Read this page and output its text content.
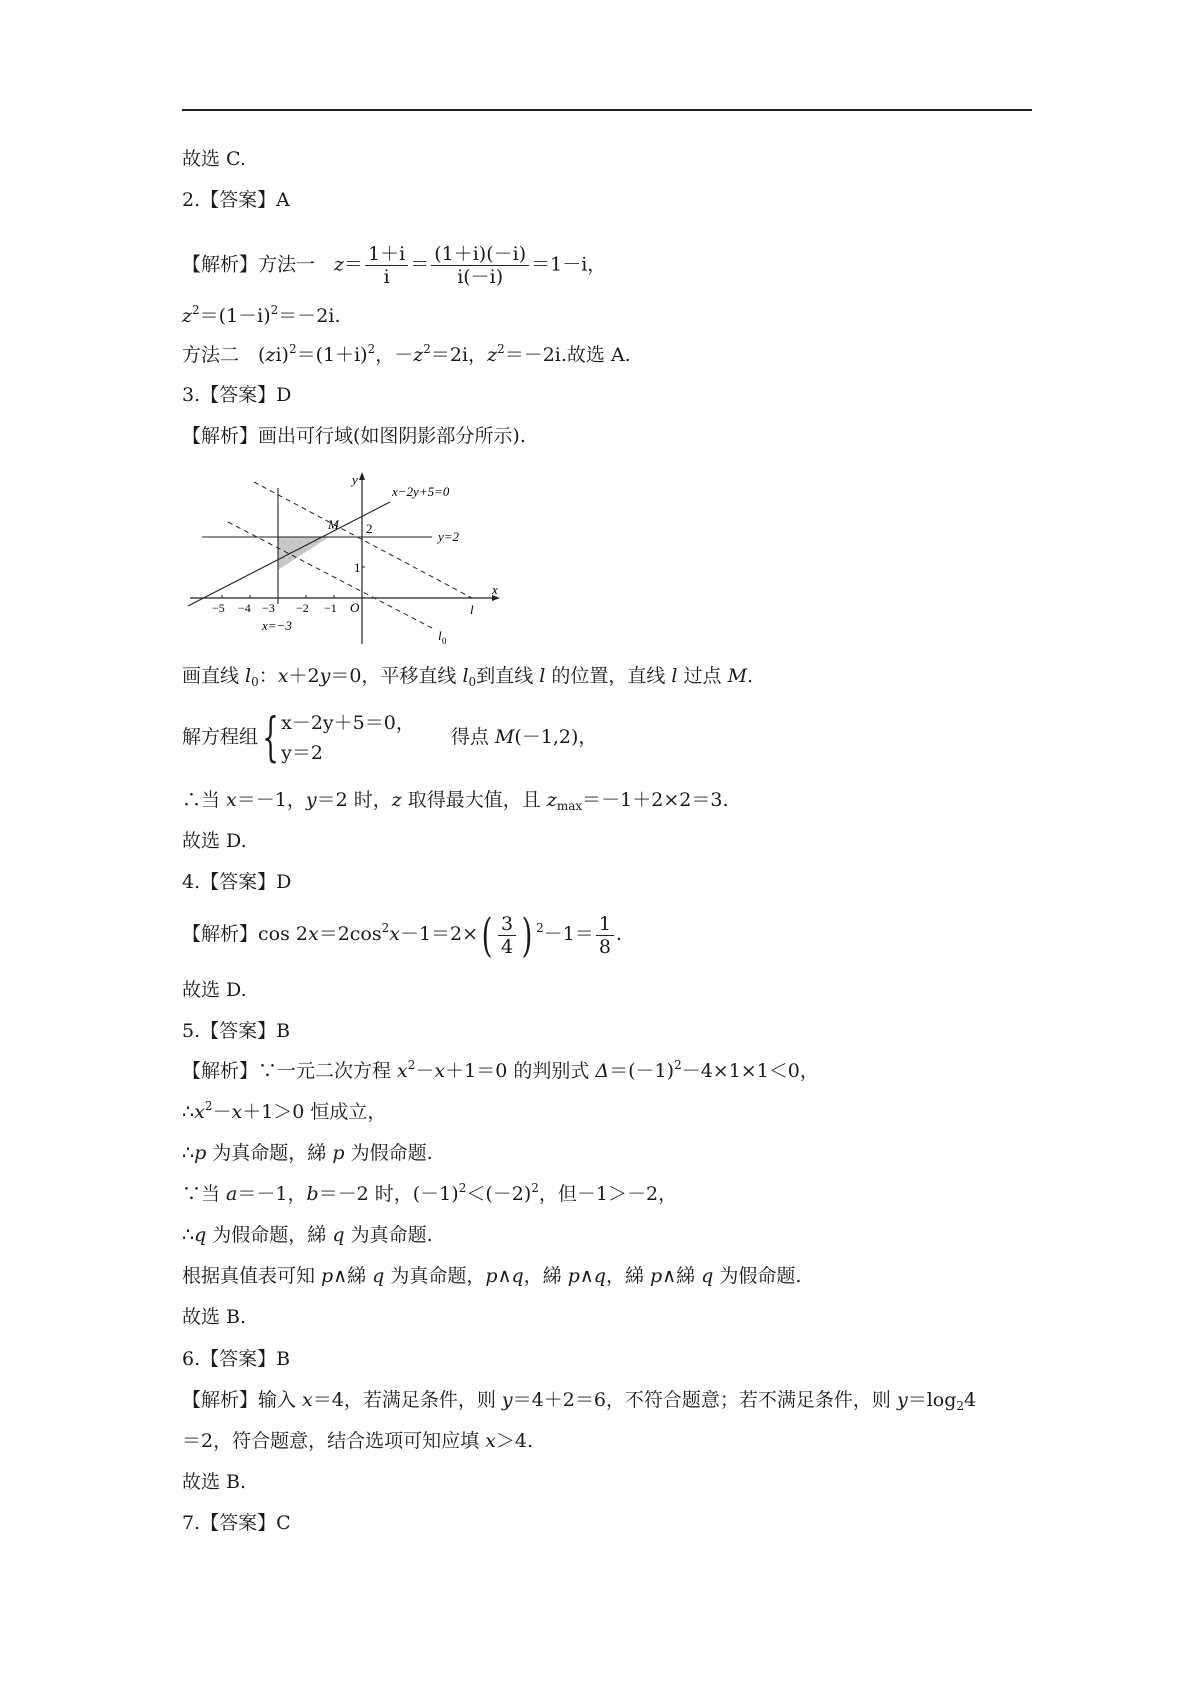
故选 C.
2.【答案】A
【解析】方法一　$z= \frac{1+i}{i} = \frac{(1+i)(-i)}{i(-i)} =1-i$，
$z^2=(1-i)^2=-2i$.
方法二　$(zi)^2=(1+i)^2$，$-z^2=2i$，$z^2=-2i$.故选 A.
3.【答案】D
【解析】画出可行域(如图阴影部分所示).
y
x
x−2y+5=0
y=2
M 2
1
O
−5 −4 −3 −2 −1
x=−3
l
l 0
画直线 $l_0$：x＋2y＝0，平移直线 $l_0$到直线 l 的位置，直线 l 过点 M.
解方程组{ x－2y＋5＝0，
y＝2
得点 M(－1,2)，
∴当 x＝－1，y＝2 时，z 取得最大值，且 $z_{max}=-1+2\times 2=3$.
故选 D.
4.【答案】D
【解析】$\cos 2x=2\cos^2x-1=2\times( \frac{3}{4}$ ) $^2-1= \frac{1}{8}$ .
故选 D.
5.【答案】B
【解析】∵一元二次方程 $x^2-x+1=0$ 的判别式 $\Delta=(-1)^2-4\times 1\times 1<0$，
$\therefore x^2-x+1>0$ 恒成立，
∴p 为真命题，綈 p 为假命题.
∵当 a＝－1，b＝－2 时，$(-1)^2<(-2)^2$，但－1＞－2，
∴q 为假命题，綈 q 为真命题.
根据真值表可知 p∧綈 q 为真命题，p∧q，綈 p∧q，綈 p∧綈 q 为假命题.
故选 B.
6.【答案】B
【解析】输入 x＝4，若满足条件，则 y＝4＋2＝6，不符合题意；若不满足条件，则 $y=\log_24$
＝2，符合题意，结合选项可知应填 x＞4.
故选 B.
7.【答案】C
